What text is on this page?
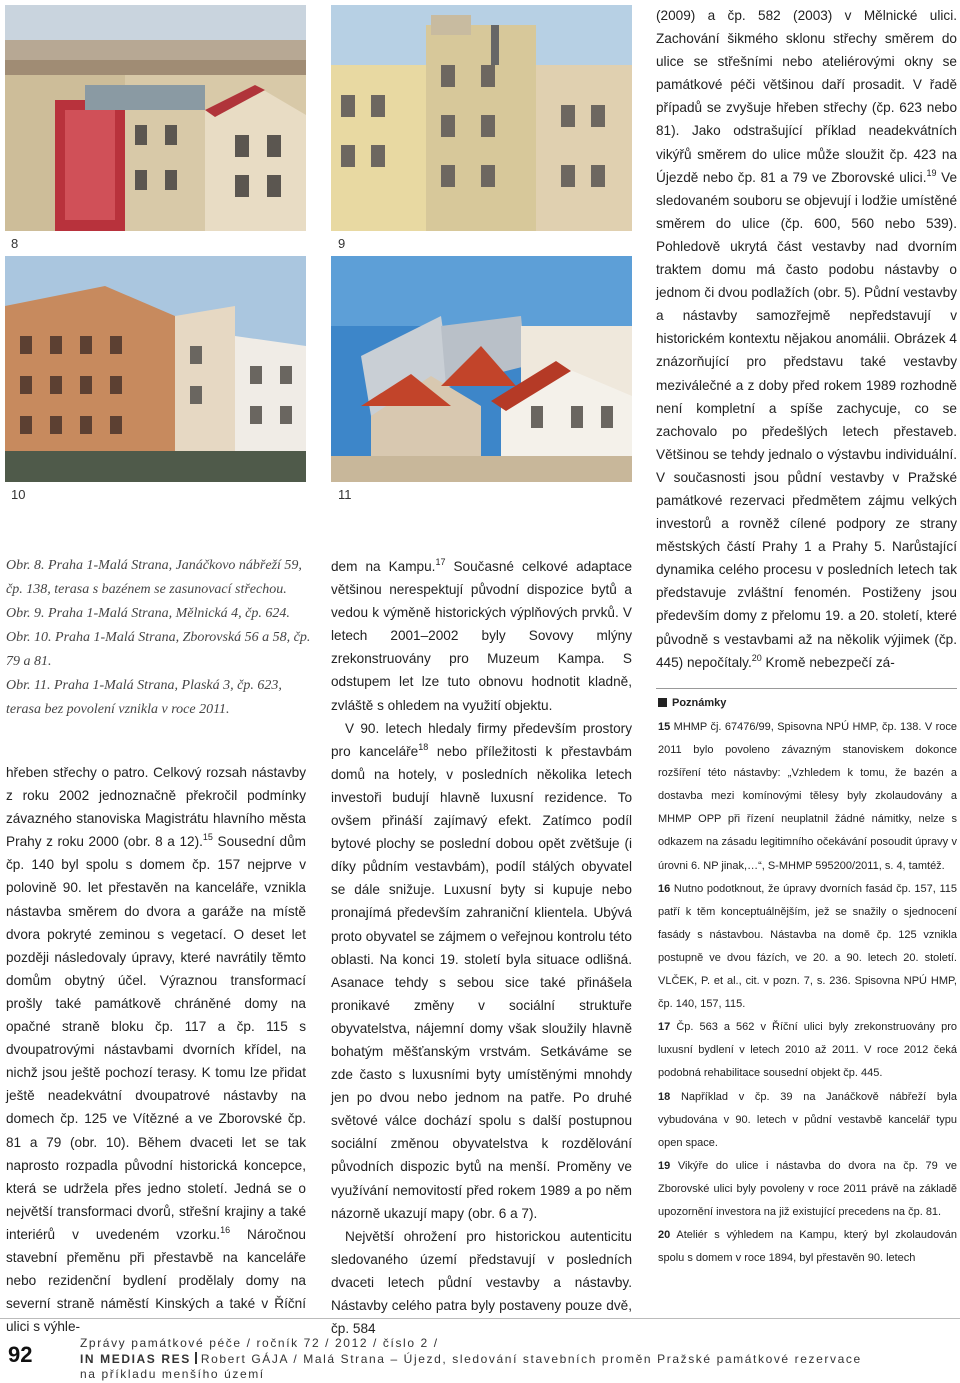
8	9
10	11
Obr. 8. Praha 1-Malá Strana, Janáčkovo nábřeží 59, čp. 138, terasa s bazénem se zasunovací střechou.
Obr. 9. Praha 1-Malá Strana, Mělnická 4, čp. 624.
Obr. 10. Praha 1-Malá Strana, Zborovská 56 a 58, čp. 79 a 81.
Obr. 11. Praha 1-Malá Strana, Plaská 3, čp. 623, terasa bez povolení vznikla v roce 2011.

hřeben střechy o patro. Celkový rozsah nástavby z roku 2002 jednoznačně překročil podmínky závazného stanoviska Magistrátu hlavního města Prahy z roku 2000 (obr. 8 a 12).$^{15}$ Sousední dům čp. 140 byl spolu s domem čp. 157 nejprve v polovině 90. let přestavěn na kanceláře, vznikla nástavba směrem do dvora a garáže na místě dvora pokryté zeminou s vegetací. O deset let později následovaly úpravy, které navrátily těmto domům obytný účel. Výraznou transformací prošly také památkově chráněné domy na opačné straně bloku čp. 117 a čp. 115 s dvoupatrovými nástavbami dvorních křídel, na nichž jsou ještě pochozí terasy. K tomu lze přidat ještě neadekvátní dvoupatrové nástavby na domech čp. 125 ve Vítězné a ve Zborovské čp. 81 a 79 (obr. 10). Během dvaceti let se tak naprosto rozpadla původní historická koncepce, která se udržela přes jedno století. Jedná se o největší transformaci dvorů, střešní krajiny a také interiérů v uvedeném vzorku.$^{16}$ Náročnou stavební přeměnu při přestavbě na kanceláře nebo rezidenční bydlení prodělaly domy na severní straně náměstí Kinských a také v Říční ulici s výhle-

dem na Kampu.$^{17}$ Současné celkové adaptace většinou nerespektují původní dispozice bytů a vedou k výměně historických výplňových prvků. V letech 2001–2002 byly Sovovy mlýny zrekonstruovány pro Muzeum Kampa. S odstupem let lze tuto obnovu hodnotit kladně, zvláště s ohledem na využití objektu.

V 90. letech hledaly firmy především prostory pro kanceláře$^{18}$ nebo příležitosti k přestavbám domů na hotely, v posledních několika letech investoři budují hlavně luxusní rezidence. To ovšem přináší zajímavý efekt. Zatímco podíl bytové plochy se poslední dobou opět zvětšuje (i díky půdním vestavbám), podíl stálých obyvatel se dále snižuje. Luxusní byty si kupuje nebo pronajímá především zahraniční klientela. Ubývá proto obyvatel se zájmem o veřejnou kontrolu této oblasti. Na konci 19. století byla situace odlišná. Asanace tehdy s sebou sice také přinášela pronikavé změny v sociální struktuře obyvatelstva, nájemní domy však sloužily hlavně bohatým měšťanským vrstvám. Setkáváme se zde často s luxusními byty umístěnými mnohdy jen po dvou nebo jednom na patře. Po druhé světové válce dochází spolu s další postupnou sociální změnou obyvatelstva k rozdělování původních dispozic bytů na menší. Proměny ve využívání nemovitostí před rokem 1989 a po něm názorně ukazují mapy (obr. 6 a 7).

Největší ohrožení pro historickou autenticitu sledovaného území představují v posledních dvaceti letech půdní vestavby a nástavby. Nástavby celého patra byly postaveny pouze dvě, čp. 584

(2009) a čp. 582 (2003) v Mělnické ulici. Zachování šikmého sklonu střechy směrem do ulice se střešními nebo ateliérovými okny se památkové péči většinou daří prosadit. V řadě případů se zvyšuje hřeben střechy (čp. 623 nebo 81). Jako odstrašující příklad neadekvátních vikýřů směrem do ulice může sloužit čp. 423 na Újezdě nebo čp. 81 a 79 ve Zborovské ulici.$^{19}$ Ve sledovaném souboru se objevují i lodžie umístěné směrem do ulice (čp. 600, 560 nebo 539). Pohledově ukrytá část vestavby nad dvorním traktem domu má často podobu nástavby o jednom či dvou podlažích (obr. 5). Půdní vestavby a nástavby samozřejmě nepředstavují v historickém kontextu nějakou anomálii. Obrázek 4 znázorňující pro představu také vestavby meziválečné a z doby před rokem 1989 rozhodně není kompletní a spíše zachycuje, co se zachovalo po předešlých letech přestaveb. Většinou se tehdy jednalo o výstavbu individuální. V současnosti jsou půdní vestavby v Pražské památkové rezervaci předmětem zájmu velkých investorů a rovněž cílené podpory ze strany městských částí Prahy 1 a Prahy 5. Narůstající dynamika celého procesu v posledních letech tak představuje zvláštní fenomén. Postiženy jsou především domy z přelomu 19. a 20. století, které původně s vestavbami až na několik výjimek (čp. 445) nepočítaly.$^{20}$ Kromě nebezpečí zá-

Poznámky

15 MHMP čj. 67476/99, Spisovna NPÚ HMP, čp. 138. V roce 2011 bylo povoleno závazným stanoviskem dokonce rozšíření této nástavby: „Vzhledem k tomu, že bazén a dostavba mezi komínovými tělesy byly zkolaudovány a MHMP OPP při řízení neuplatnil žádné námitky, nelze s odkazem na zásadu legitimního očekávání posoudit úpravy v úrovni 6. NP jinak,…“, S-MHMP 595200/2011, s. 4, tamtéž.

16 Nutno podotknout, že úpravy dvorních fasád čp. 157, 115 patří k těm konceptuálnějším, jež se snažily o sjednocení fasády s nástavbou. Nástavba na domě čp. 125 vznikla postupně ve dvou fázích, ve 20. a 90. letech 20. století. VLČEK, P. et al., cit. v pozn. 7, s. 236. Spisovna NPÚ HMP, čp. 140, 157, 115.

17 Čp. 563 a 562 v Říční ulici byly zrekonstruovány pro luxusní bydlení v letech 2010 až 2011. V roce 2012 čeká podobná rehabilitace sousední objekt čp. 445.

18 Například v čp. 39 na Janáčkově nábřeží byla vybudována v 90. letech v půdní vestavbě kancelář typu open space.

19 Vikýře do ulice i nástavba do dvora na čp. 79 ve Zborovské ulici byly povoleny v roce 2011 právě na základě upozornění investora na již existující precedens na čp. 81.

20 Ateliér s výhledem na Kampu, který byl zkolaudován spolu s domem v roce 1894, byl přestavěn 90. letech

92	Zprávy památkové péče / ročník 72 / 2012 / číslo 2 /
IN MEDIAS RES Robert GÁJA / Malá Strana – Újezd, sledování stavebních proměn Pražské památkové rezervace
na příkladu menšího území
